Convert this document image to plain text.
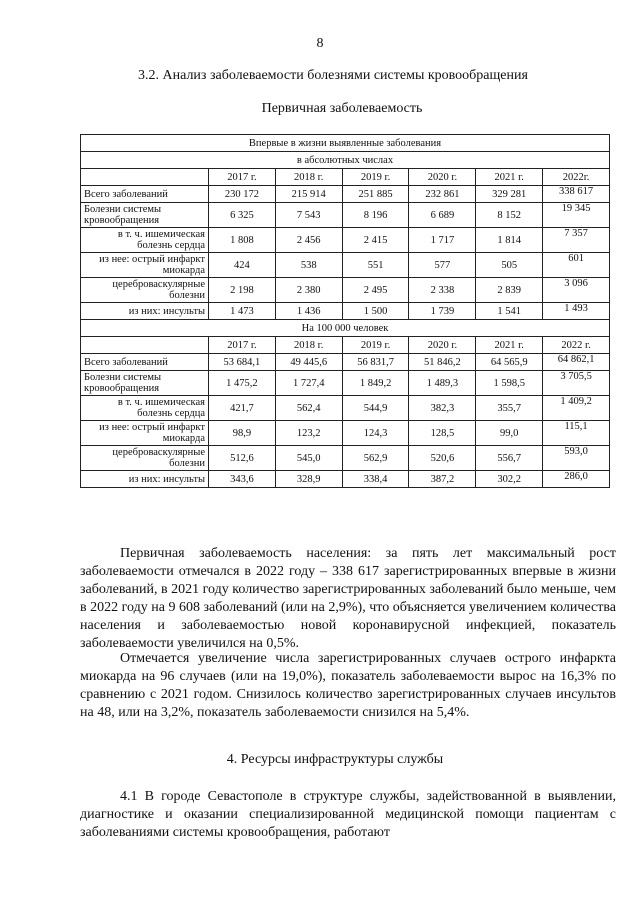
8
3.2. Анализ заболеваемости болезнями системы кровообращения
Первичная заболеваемость
Впервые в жизни выявленные заболевания						
в абсолютных числах						
	2017 г.	2018 г.	2019 г.	2020 г.	2021 г.	2022г.
Всего заболеваний	230 172	215 914	251 885	232 861	329 281	338 617
Болезни системы кровообращения	6 325	7 543	8 196	6 689	8 152	19 345
в т. ч. ишемическая болезнь сердца	1 808	2 456	2 415	1 717	1 814	7 357
из нее: острый инфаркт миокарда	424	538	551	577	505	601
цереброваскулярные болезни	2 198	2 380	2 495	2 338	2 839	3 096
из них: инсульты	1 473	1 436	1 500	1 739	1 541	1 493
На 100 000 человек						
	2017 г.	2018 г.	2019 г.	2020 г.	2021 г.	2022 г.
Всего заболеваний	53 684,1	49 445,6	56 831,7	51 846,2	64 565,9	64 862,1
Болезни системы кровообращения	1 475,2	1 727,4	1 849,2	1 489,3	1 598,5	3 705,5
в т. ч. ишемическая болезнь сердца	421,7	562,4	544,9	382,3	355,7	1 409,2
из нее: острый инфаркт миокарда	98,9	123,2	124,3	128,5	99,0	115,1
цереброваскулярные болезни	512,6	545,0	562,9	520,6	556,7	593,0
из них: инсульты	343,6	328,9	338,4	387,2	302,2	286,0
Первичная заболеваемость населения: за пять лет максимальный рост заболеваемости отмечался в 2022 году – 338 617 зарегистрированных впервые в жизни заболеваний, в 2021 году количество зарегистрированных заболеваний было меньше, чем в 2022 году на 9 608 заболеваний (или на 2,9%), что объясняется увеличением количества населения и заболеваемостью новой коронавирусной инфекцией, показатель заболеваемости увеличился на 0,5%.
Отмечается увеличение числа зарегистрированных случаев острого инфаркта миокарда на 96 случаев (или на 19,0%), показатель заболеваемости вырос на 16,3% по сравнению с 2021 годом. Снизилось количество зарегистрированных случаев инсультов на 48, или на 3,2%, показатель заболеваемости снизился на 5,4%.
4. Ресурсы инфраструктуры службы
4.1 В городе Севастополе в структуре службы, задействованной в выявлении, диагностике и оказании специализированной медицинской помощи пациентам с заболеваниями системы кровообращения, работают
